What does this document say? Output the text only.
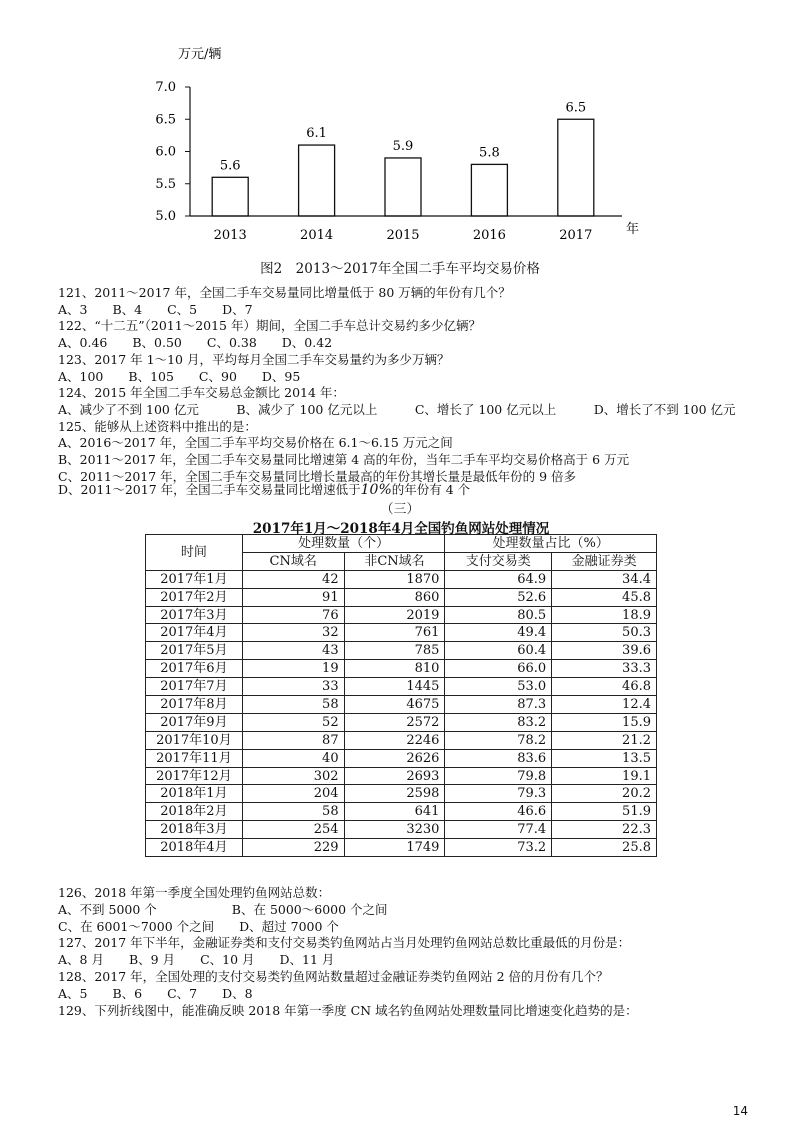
万元/辆
5.0
5.5
6.0
6.5
7.0
5.6
6.1
5.9	5.8
6.5
2013	2014	2015	2016	2017	年
图2　2013～2017年全国二手车平均交易价格
121、2011～2017 年，全国二手车交易量同比增量低于 80 万辆的年份有几个？
A、3　　B、4　　C、5　　D、7
122、“十二五”（2011～2015 年）期间，全国二手车总计交易约多少亿辆？
A、0.46　　B、0.50　　C、0.38　　D、0.42
123、2017 年 1～10 月，平均每月全国二手车交易量约为多少万辆？
A、100　　B、105　　C、90　　D、95
124、2015 年全国二手车交易总金额比 2014 年：
A、减少了不到 100 亿元　　　B、减少了 100 亿元以上　　　C、增长了 100 亿元以上　　　D、增长了不到 100 亿元
125、能够从上述资料中推出的是：
A、2016～2017 年，全国二手车平均交易价格在 6.1～6.15 万元之间
B、2011～2017 年，全国二手车交易量同比增速第 4 高的年份，当年二手车平均交易价格高于 6 万元
C、2011～2017 年，全国二手车交易量同比增长量最高的年份其增长量是最低年份的 9 倍多
D、2011～2017 年，全国二手车交易量同比增速低于10%的年份有 4 个
（三）
2017年1月～2018年4月全国钓鱼网站处理情况
时间	处理数量（个）		处理数量占比（%）	
	CN域名	非CN域名	支付交易类	金融证券类
2017年1月	42	1870	64.9	34.4
2017年2月	91	860	52.6	45.8
2017年3月	76	2019	80.5	18.9
2017年4月	32	761	49.4	50.3
2017年5月	43	785	60.4	39.6
2017年6月	19	810	66.0	33.3
2017年7月	33	1445	53.0	46.8
2017年8月	58	4675	87.3	12.4
2017年9月	52	2572	83.2	15.9
2017年10月	87	2246	78.2	21.2
2017年11月	40	2626	83.6	13.5
2017年12月	302	2693	79.8	19.1
2018年1月	204	2598	79.3	20.2
2018年2月	58	641	46.6	51.9
2018年3月	254	3230	77.4	22.3
2018年4月	229	1749	73.2	25.8
126、2018 年第一季度全国处理钓鱼网站总数：
A、不到 5000 个　　　　　　B、在 5000～6000 个之间
C、在 6001～7000 个之间　　D、超过 7000 个
127、2017 年下半年，金融证券类和支付交易类钓鱼网站占当月处理钓鱼网站总数比重最低的月份是：
A、8 月　　B、9 月　　C、10 月　　D、11 月
128、2017 年，全国处理的支付交易类钓鱼网站数量超过金融证券类钓鱼网站 2 倍的月份有几个？
A、5　　B、6　　C、7　　D、8
129、下列折线图中，能准确反映 2018 年第一季度 CN 域名钓鱼网站处理数量同比增速变化趋势的是：
14
